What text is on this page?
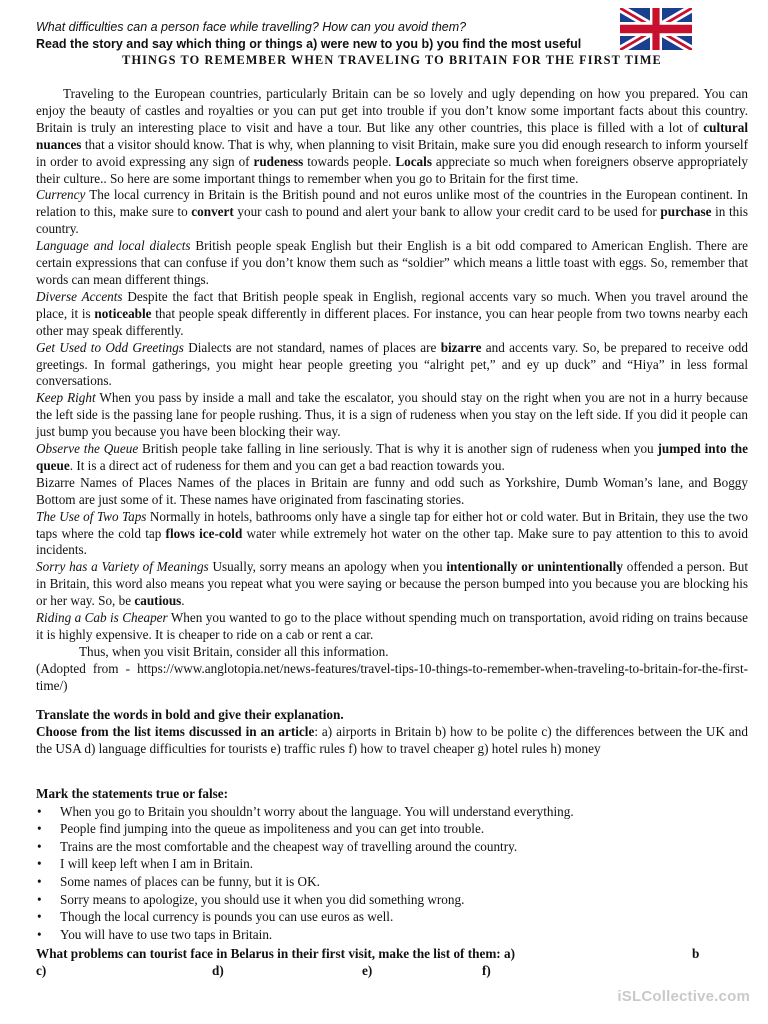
What difficulties can a person face while travelling? How can you avoid them?
Read the story and say which thing or things a) were new to you b) you find the most useful
THINGS TO REMEMBER WHEN TRAVELING TO BRITAIN FOR THE FIRST TIME

Traveling to the European countries, particularly Britain can be so lovely and ugly depending on how you prepared. You can enjoy the beauty of castles and royalties or you can put get into trouble if you don’t know some important facts about this country. Britain is truly an interesting place to visit and have a tour. But like any other countries, this place is filled with a lot of cultural nuances that a visitor should know. That is why, when planning to visit Britain, make sure you did enough research to inform yourself in order to avoid expressing any sign of rudeness towards people. Locals appreciate so much when foreigners observe appropriately their culture.. So here are some important things to remember when you go to Britain for the first time.

Currency The local currency in Britain is the British pound and not euros unlike most of the countries in the European continent. In relation to this, make sure to convert your cash to pound and alert your bank to allow your credit card to be used for purchase in this country.

Language and local dialects British people speak English but their English is a bit odd compared to American English. There are certain expressions that can confuse if you don’t know them such as “soldier” which means a little toast with eggs. So, remember that words can mean different things.

Diverse Accents Despite the fact that British people speak in English, regional accents vary so much. When you travel around the place, it is noticeable that people speak differently in different places. For instance, you can hear people from two towns nearby each other may speak differently.

Get Used to Odd Greetings Dialects are not standard, names of places are bizarre and accents vary. So, be prepared to receive odd greetings. In formal gatherings, you might hear people greeting you “alright pet,” and ey up duck” and “Hiya” in less formal conversations.

Keep Right When you pass by inside a mall and take the escalator, you should stay on the right when you are not in a hurry because the left side is the passing lane for people rushing. Thus, it is a sign of rudeness when you stay on the left side. If you did it people can just bump you because you have been blocking their way.

Observe the Queue British people take falling in line seriously. That is why it is another sign of rudeness when you jumped into the queue. It is a direct act of rudeness for them and you can get a bad reaction towards you.

Bizarre Names of Places Names of the places in Britain are funny and odd such as Yorkshire, Dumb Woman’s lane, and Boggy Bottom are just some of it. These names have originated from fascinating stories.

The Use of Two Taps Normally in hotels, bathrooms only have a single tap for either hot or cold water. But in Britain, they use the two taps where the cold tap flows ice-cold water while extremely hot water on the other tap. Make sure to pay attention to this to avoid incidents.

Sorry has a Variety of Meanings Usually, sorry means an apology when you intentionally or unintentionally offended a person. But in Britain, this word also means you repeat what you were saying or because the person bumped into you because you are blocking his or her way. So, be cautious.

Riding a Cab is Cheaper When you wanted to go to the place without spending much on transportation, avoid riding on trains because it is highly expensive. It is cheaper to ride on a cab or rent a car.

Thus, when you visit Britain, consider all this information.

(Adopted from - https://www.anglotopia.net/news-features/travel-tips-10-things-to-remember-when-traveling-to-britain-for-the-first-time/)

Translate the words in bold and give their explanation.

Choose from the list items discussed in an article: a) airports in Britain b) how to be polite c) the differences between the UK and the USA d) language difficulties for tourists e) traffic rules f) how to travel cheaper g) hotel rules h) money

Mark the statements true or false:
• When you go to Britain you shouldn’t worry about the language. You will understand everything.
• People find jumping into the queue as impoliteness and you can get into trouble.
• Trains are the most comfortable and the cheapest way of travelling around the country.
• I will keep left when I am in Britain.
• Some names of places can be funny, but it is OK.
• Sorry means to apologize, you should use it when you did something wrong.
• Though the local currency is pounds you can use euros as well.
• You will have to use two taps in Britain.
What problems can tourist face in Belarus in their first visit, make the list of them: a)	b
c)	d)	e)	f)
iSLCollective.com
